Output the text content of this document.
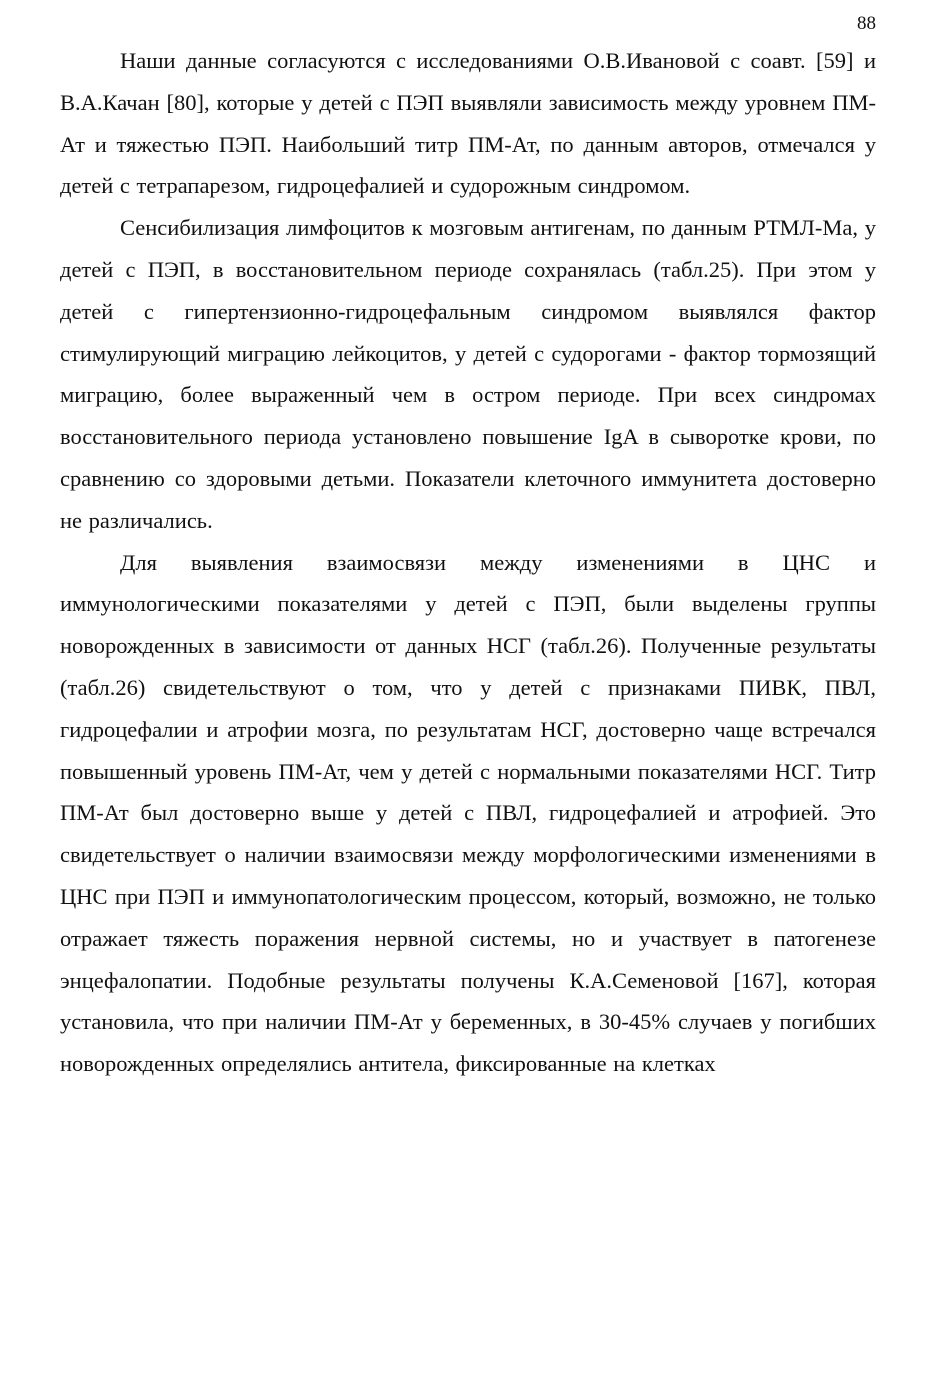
88

Наши данные согласуются с исследованиями О.В.Ивановой с соавт. [59] и В.А.Качан [80], которые у детей с ПЭП выявляли зависимость между уровнем ПМ-Ат и тяжестью ПЭП. Наибольший титр ПМ-Ат, по данным авторов, отмечался у детей с тетрапарезом, гидроцефалией и судорожным синдромом.

Сенсибилизация лимфоцитов к мозговым антигенам, по данным РТМЛ-Ма, у детей с ПЭП, в восстановительном периоде сохранялась (табл.25). При этом у детей с гипертензионно-гидроцефальным синдромом выявлялся фактор стимулирующий миграцию лейкоцитов, у детей с судорогами - фактор тормозящий миграцию, более выраженный чем в остром периоде. При всех синдромах восстановительного периода установлено повышение IgA в сыворотке крови, по сравнению со здоровыми детьми. Показатели клеточного иммунитета достоверно не различались.

Для выявления взаимосвязи между изменениями в ЦНС и иммунологическими показателями у детей с ПЭП, были выделены группы новорожденных в зависимости от данных НСГ (табл.26). Полученные результаты (табл.26) свидетельствуют о том, что у детей с признаками ПИВК, ПВЛ, гидроцефалии и атрофии мозга, по результатам НСГ, достоверно чаще встречался повышенный уровень ПМ-Ат, чем у детей с нормальными показателями НСГ. Титр ПМ-Ат был достоверно выше у детей с ПВЛ, гидроцефалией и атрофией. Это свидетельствует о наличии взаимосвязи между морфологическими изменениями в ЦНС при ПЭП и иммунопатологическим процессом, который, возможно, не только отражает тяжесть поражения нервной системы, но и участвует в патогенезе энцефалопатии. Подобные результаты получены К.А.Семеновой [167], которая установила, что при наличии ПМ-Ат у беременных, в 30-45% случаев у погибших новорожденных определялись антитела, фиксированные на клетках
